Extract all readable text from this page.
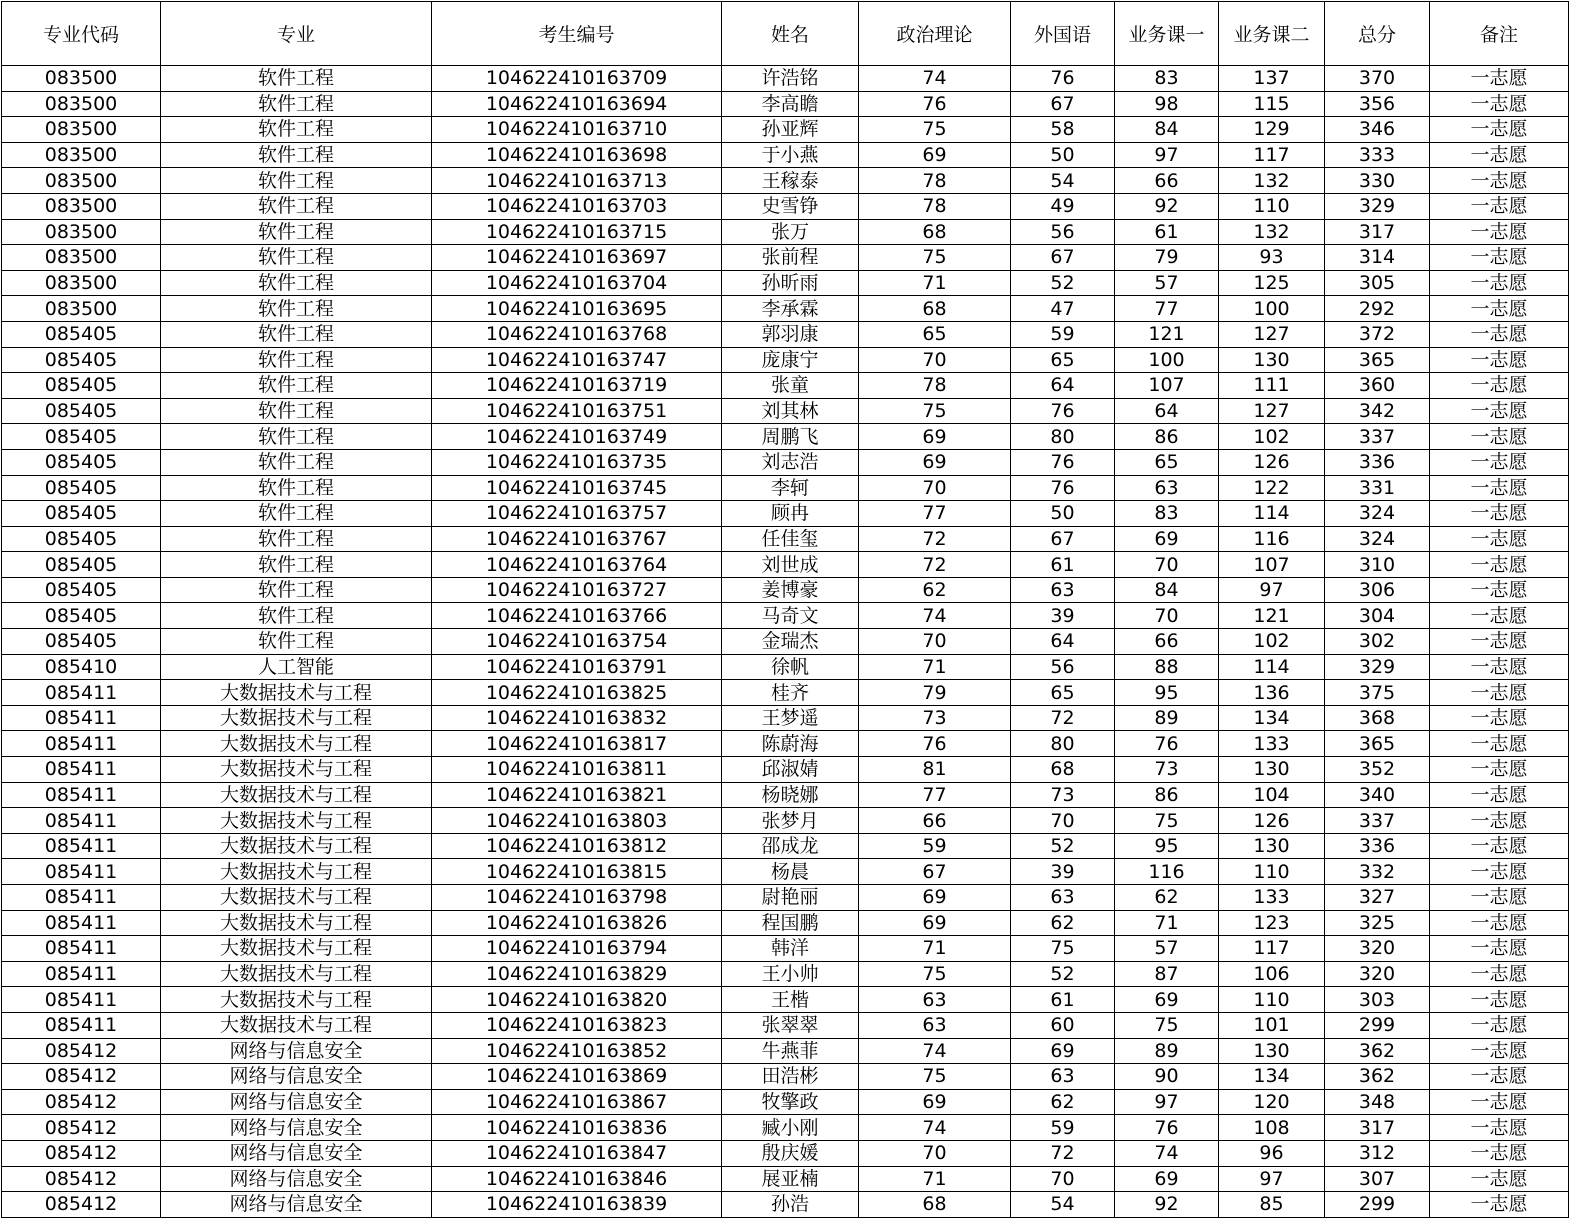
专业代码	专业	考生编号	姓名	政治理论	外国语	业务课一	业务课二	总分	备注
083500	软件工程	104622410163709	许浩铭	74	76	83	137	370	一志愿
083500	软件工程	104622410163694	李高瞻	76	67	98	115	356	一志愿
083500	软件工程	104622410163710	孙亚辉	75	58	84	129	346	一志愿
083500	软件工程	104622410163698	于小燕	69	50	97	117	333	一志愿
083500	软件工程	104622410163713	王稼泰	78	54	66	132	330	一志愿
083500	软件工程	104622410163703	史雪铮	78	49	92	110	329	一志愿
083500	软件工程	104622410163715	张万	68	56	61	132	317	一志愿
083500	软件工程	104622410163697	张前程	75	67	79	93	314	一志愿
083500	软件工程	104622410163704	孙昕雨	71	52	57	125	305	一志愿
083500	软件工程	104622410163695	李承霖	68	47	77	100	292	一志愿
085405	软件工程	104622410163768	郭羽康	65	59	121	127	372	一志愿
085405	软件工程	104622410163747	庞康宁	70	65	100	130	365	一志愿
085405	软件工程	104622410163719	张童	78	64	107	111	360	一志愿
085405	软件工程	104622410163751	刘其林	75	76	64	127	342	一志愿
085405	软件工程	104622410163749	周鹏飞	69	80	86	102	337	一志愿
085405	软件工程	104622410163735	刘志浩	69	76	65	126	336	一志愿
085405	软件工程	104622410163745	李轲	70	76	63	122	331	一志愿
085405	软件工程	104622410163757	顾冉	77	50	83	114	324	一志愿
085405	软件工程	104622410163767	任佳玺	72	67	69	116	324	一志愿
085405	软件工程	104622410163764	刘世成	72	61	70	107	310	一志愿
085405	软件工程	104622410163727	姜博豪	62	63	84	97	306	一志愿
085405	软件工程	104622410163766	马奇文	74	39	70	121	304	一志愿
085405	软件工程	104622410163754	金瑞杰	70	64	66	102	302	一志愿
085410	人工智能	104622410163791	徐帆	71	56	88	114	329	一志愿
085411	大数据技术与工程	104622410163825	桂齐	79	65	95	136	375	一志愿
085411	大数据技术与工程	104622410163832	王梦遥	73	72	89	134	368	一志愿
085411	大数据技术与工程	104622410163817	陈蔚海	76	80	76	133	365	一志愿
085411	大数据技术与工程	104622410163811	邱淑婧	81	68	73	130	352	一志愿
085411	大数据技术与工程	104622410163821	杨晓娜	77	73	86	104	340	一志愿
085411	大数据技术与工程	104622410163803	张梦月	66	70	75	126	337	一志愿
085411	大数据技术与工程	104622410163812	邵成龙	59	52	95	130	336	一志愿
085411	大数据技术与工程	104622410163815	杨晨	67	39	116	110	332	一志愿
085411	大数据技术与工程	104622410163798	尉艳丽	69	63	62	133	327	一志愿
085411	大数据技术与工程	104622410163826	程国鹏	69	62	71	123	325	一志愿
085411	大数据技术与工程	104622410163794	韩洋	71	75	57	117	320	一志愿
085411	大数据技术与工程	104622410163829	王小帅	75	52	87	106	320	一志愿
085411	大数据技术与工程	104622410163820	王楷	63	61	69	110	303	一志愿
085411	大数据技术与工程	104622410163823	张翠翠	63	60	75	101	299	一志愿
085412	网络与信息安全	104622410163852	牛燕菲	74	69	89	130	362	一志愿
085412	网络与信息安全	104622410163869	田浩彬	75	63	90	134	362	一志愿
085412	网络与信息安全	104622410163867	牧擎政	69	62	97	120	348	一志愿
085412	网络与信息安全	104622410163836	臧小刚	74	59	76	108	317	一志愿
085412	网络与信息安全	104622410163847	殷庆媛	70	72	74	96	312	一志愿
085412	网络与信息安全	104622410163846	展亚楠	71	70	69	97	307	一志愿
085412	网络与信息安全	104622410163839	孙浩	68	54	92	85	299	一志愿
